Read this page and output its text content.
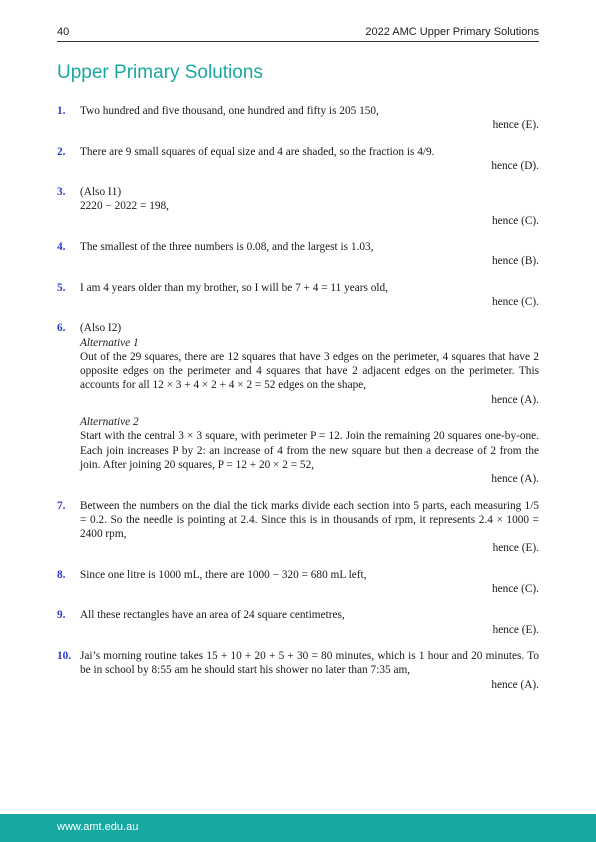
40	2022 AMC Upper Primary Solutions
Upper Primary Solutions
1. Two hundred and five thousand, one hundred and fifty is 205 150,

hence (E).

2. There are 9 small squares of equal size and 4 are shaded, so the fraction is 4/9.

hence (D).

3. (Also I1)

2220 − 2022 = 198,

hence (C).

4. The smallest of the three numbers is 0.08, and the largest is 1.03,

hence (B).

5. I am 4 years older than my brother, so I will be 7 + 4 = 11 years old,

hence (C).

6. (Also I2)

Alternative 1

Out of the 29 squares, there are 12 squares that have 3 edges on the perimeter, 4 squares that have 2 opposite edges on the perimeter and 4 squares that have 2 adjacent edges on the perimeter. This accounts for all 12 × 3 + 4 × 2 + 4 × 2 = 52 edges on the shape,

hence (A).

Alternative 2

Start with the central 3 × 3 square, with perimeter P = 12. Join the remaining 20 squares one-by-one. Each join increases P by 2: an increase of 4 from the new square but then a decrease of 2 from the join. After joining 20 squares, P = 12 + 20 × 2 = 52,

hence (A).

7. Between the numbers on the dial the tick marks divide each section into 5 parts, each measuring 1/5 = 0.2. So the needle is pointing at 2.4. Since this is in thousands of rpm, it represents 2.4 × 1000 = 2400 rpm,

hence (E).

8. Since one litre is 1000 mL, there are 1000 − 320 = 680 mL left,

hence (C).

9. All these rectangles have an area of 24 square centimetres,

hence (E).

10. Jai’s morning routine takes 15 + 10 + 20 + 5 + 30 = 80 minutes, which is 1 hour and 20 minutes. To be in school by 8:55 am he should start his shower no later than 7:35 am,

hence (A).

www.amt.edu.au
